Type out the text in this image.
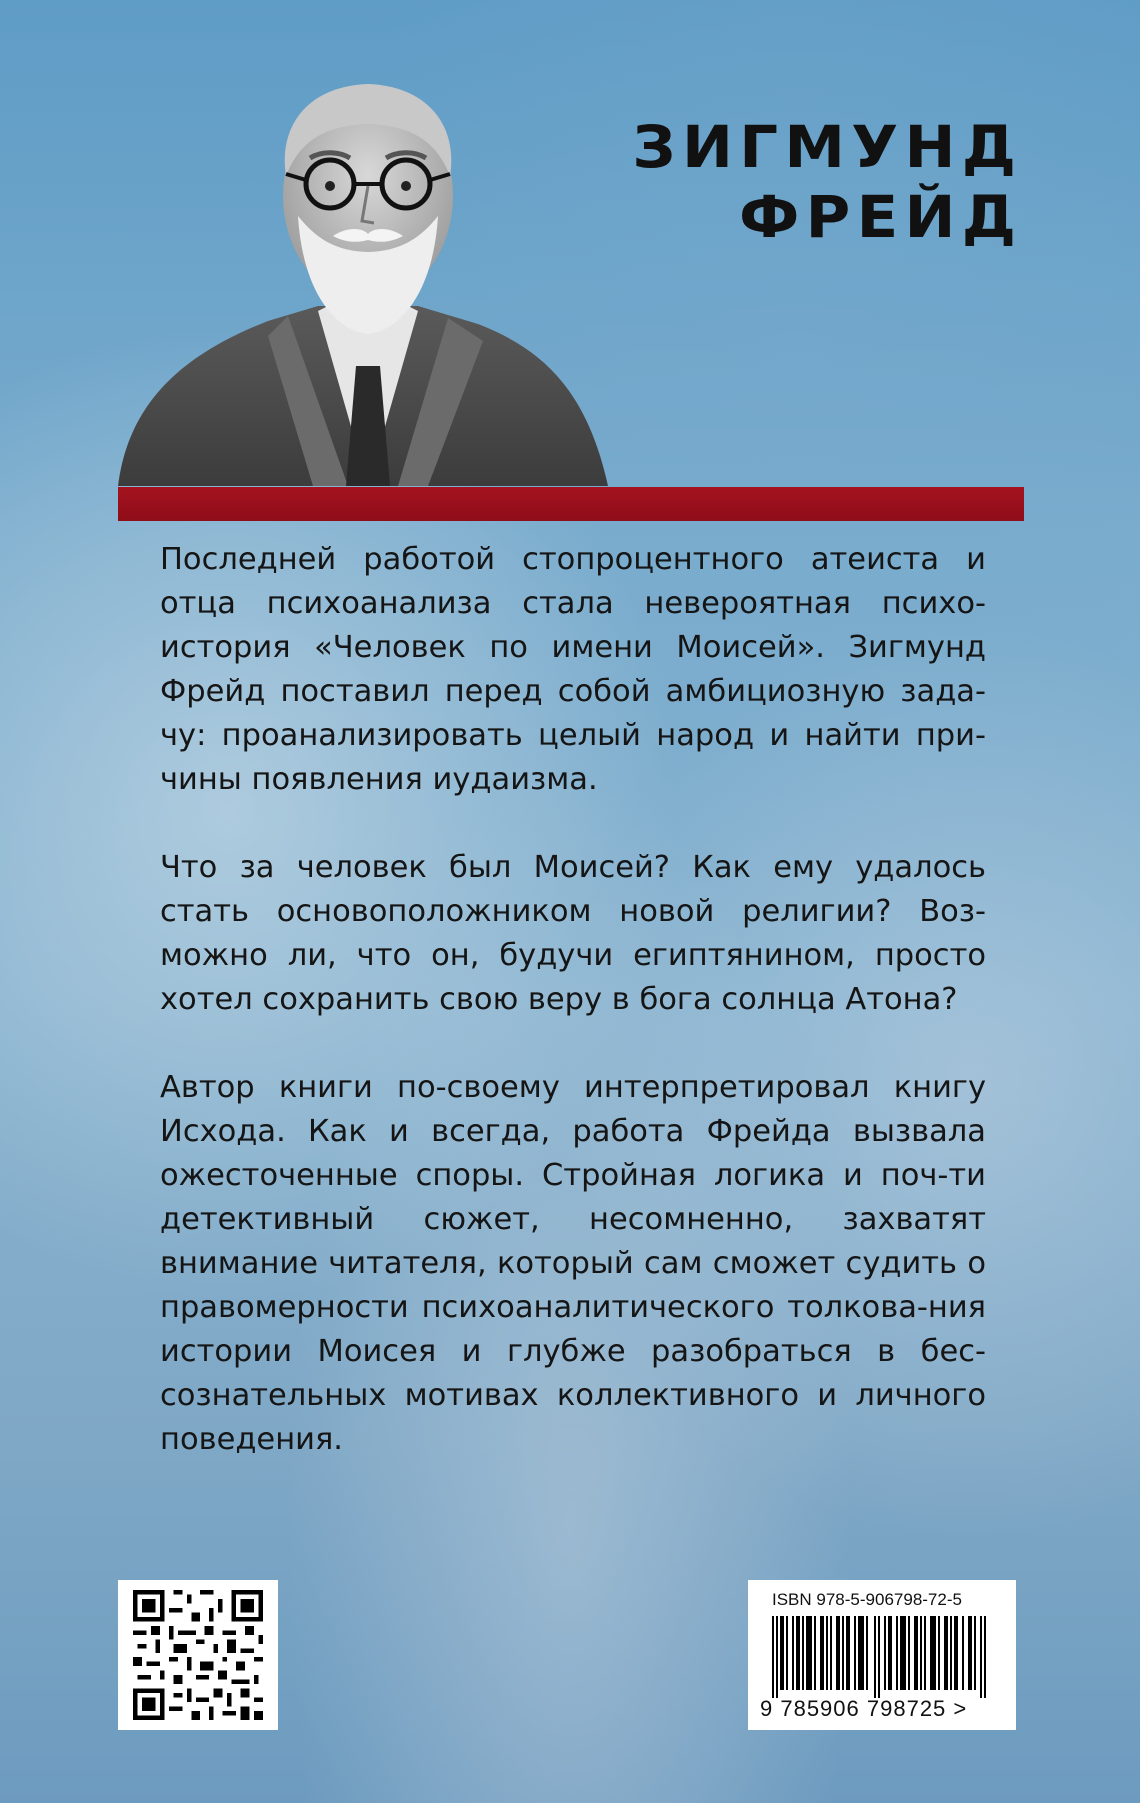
ЗИГМУНД
ФРЕЙД

Последней работой стопроцентного атеиста и отца психоанализа стала невероятная психо-история «Человек по имени Моисей». Зигмунд Фрейд поставил перед собой амбициозную зада-чу: проанализировать целый народ и найти при-чины появления иудаизма.

Что за человек был Моисей? Как ему удалось стать основоположником новой религии? Воз-можно ли, что он, будучи египтянином, просто хотел сохранить свою веру в бога солнца Атона?

Автор книги по-своему интерпретировал книгу Исхода. Как и всегда, работа Фрейда вызвала ожесточенные споры. Стройная логика и поч-ти детективный сюжет, несомненно, захватят внимание читателя, который сам сможет судить о правомерности психоаналитического толкова-ния истории Моисея и глубже разобраться в бес-сознательных мотивах коллективного и личного поведения.

ISBN 978-5-906798-72-5
9 785906 798725 >
